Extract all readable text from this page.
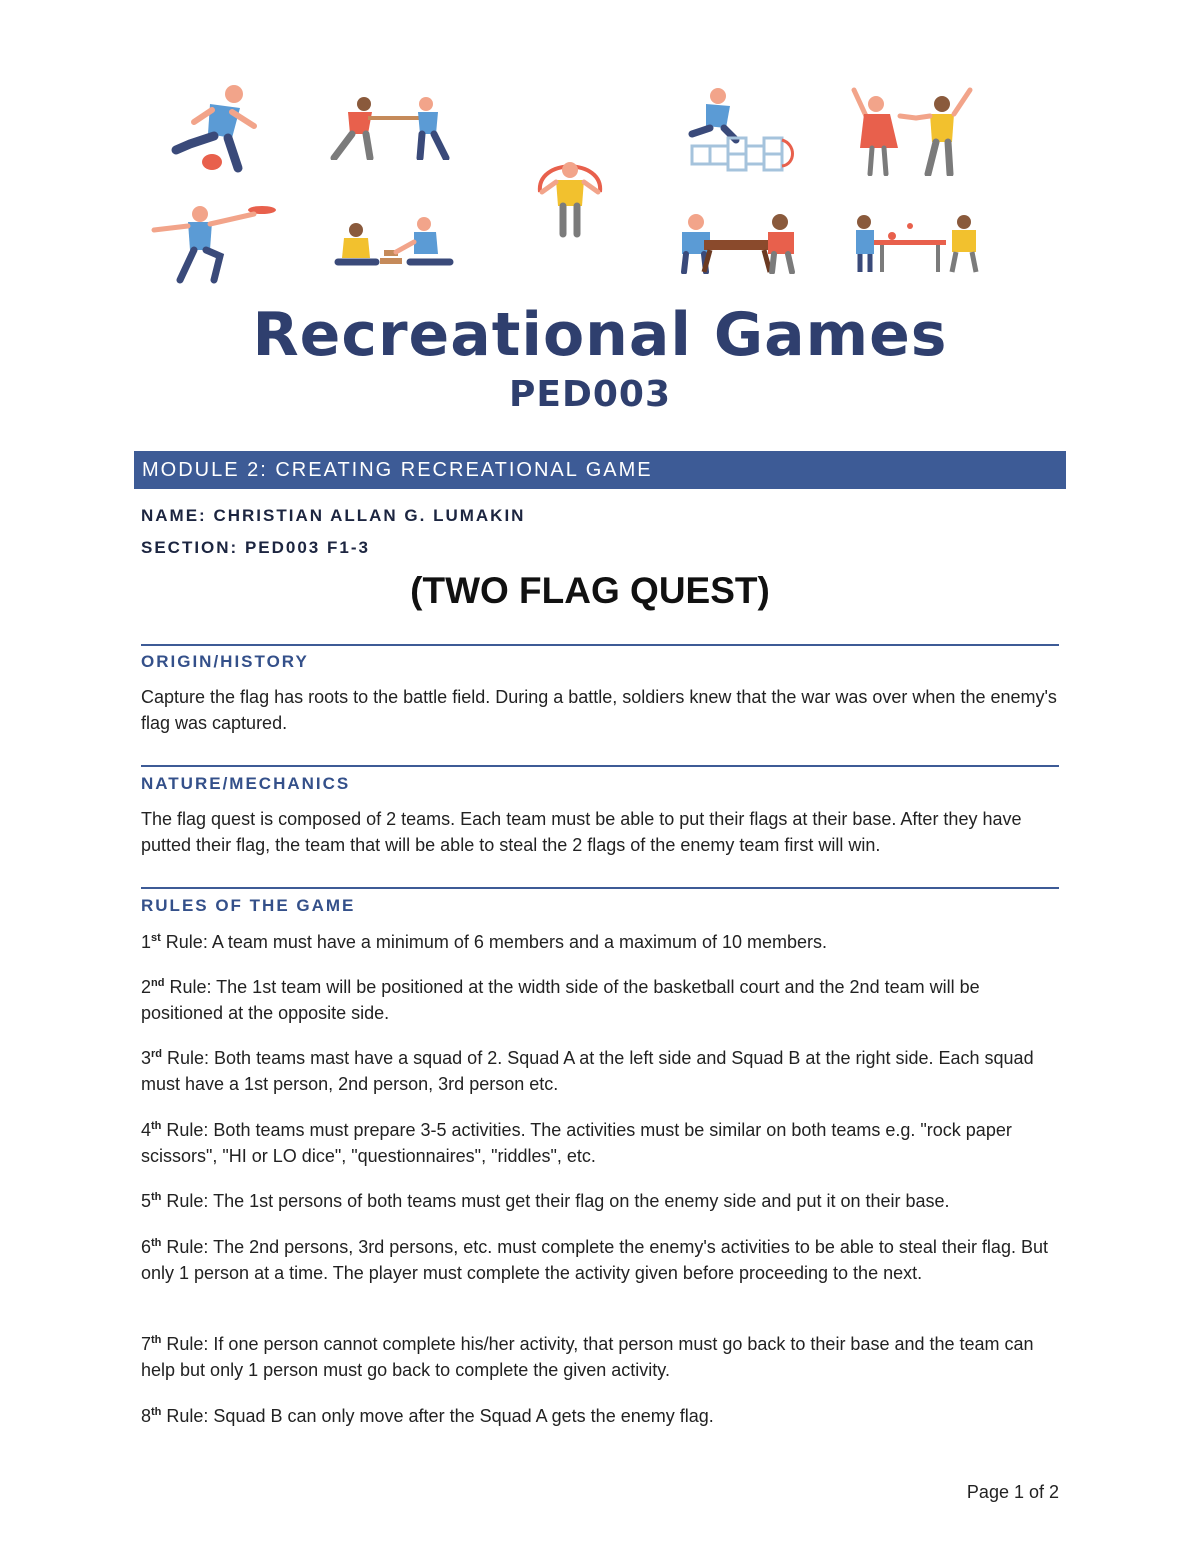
Recreational Games
PED003
MODULE 2: CREATING RECREATIONAL GAME
NAME: CHRISTIAN ALLAN G. LUMAKIN
SECTION: PED003 F1-3
(TWO FLAG QUEST)
ORIGIN/HISTORY
Capture the flag has roots to the battle field. During a battle, soldiers knew that the war was over when the enemy's flag was captured.
NATURE/MECHANICS
The flag quest is composed of 2 teams. Each team must be able to put their flags at their base. After they have putted their flag, the team that will be able to steal the 2 flags of the enemy team first will win.
RULES OF THE GAME
1st Rule: A team must have a minimum of 6 members and a maximum of 10 members.
2nd Rule: The 1st team will be positioned at the width side of the basketball court and the 2nd team will be positioned at the opposite side.
3rd Rule: Both teams mast have a squad of 2. Squad A at the left side and Squad B at the right side. Each squad must have a 1st person, 2nd person, 3rd person etc.
4th Rule: Both teams must prepare 3-5 activities. The activities must be similar on both teams e.g. "rock paper scissors", "HI or LO dice", "questionnaires", "riddles", etc.
5th Rule: The 1st persons of both teams must get their flag on the enemy side and put it on their base.
6th Rule: The 2nd persons, 3rd persons, etc. must complete the enemy's activities to be able to steal their flag. But only 1 person at a time. The player must complete the activity given before proceeding to the next.
7th Rule: If one person cannot complete his/her activity, that person must go back to their base and the team can help but only 1 person must go back to complete the given activity.
8th Rule: Squad B can only move after the Squad A gets the enemy flag.
Page 1 of 2
